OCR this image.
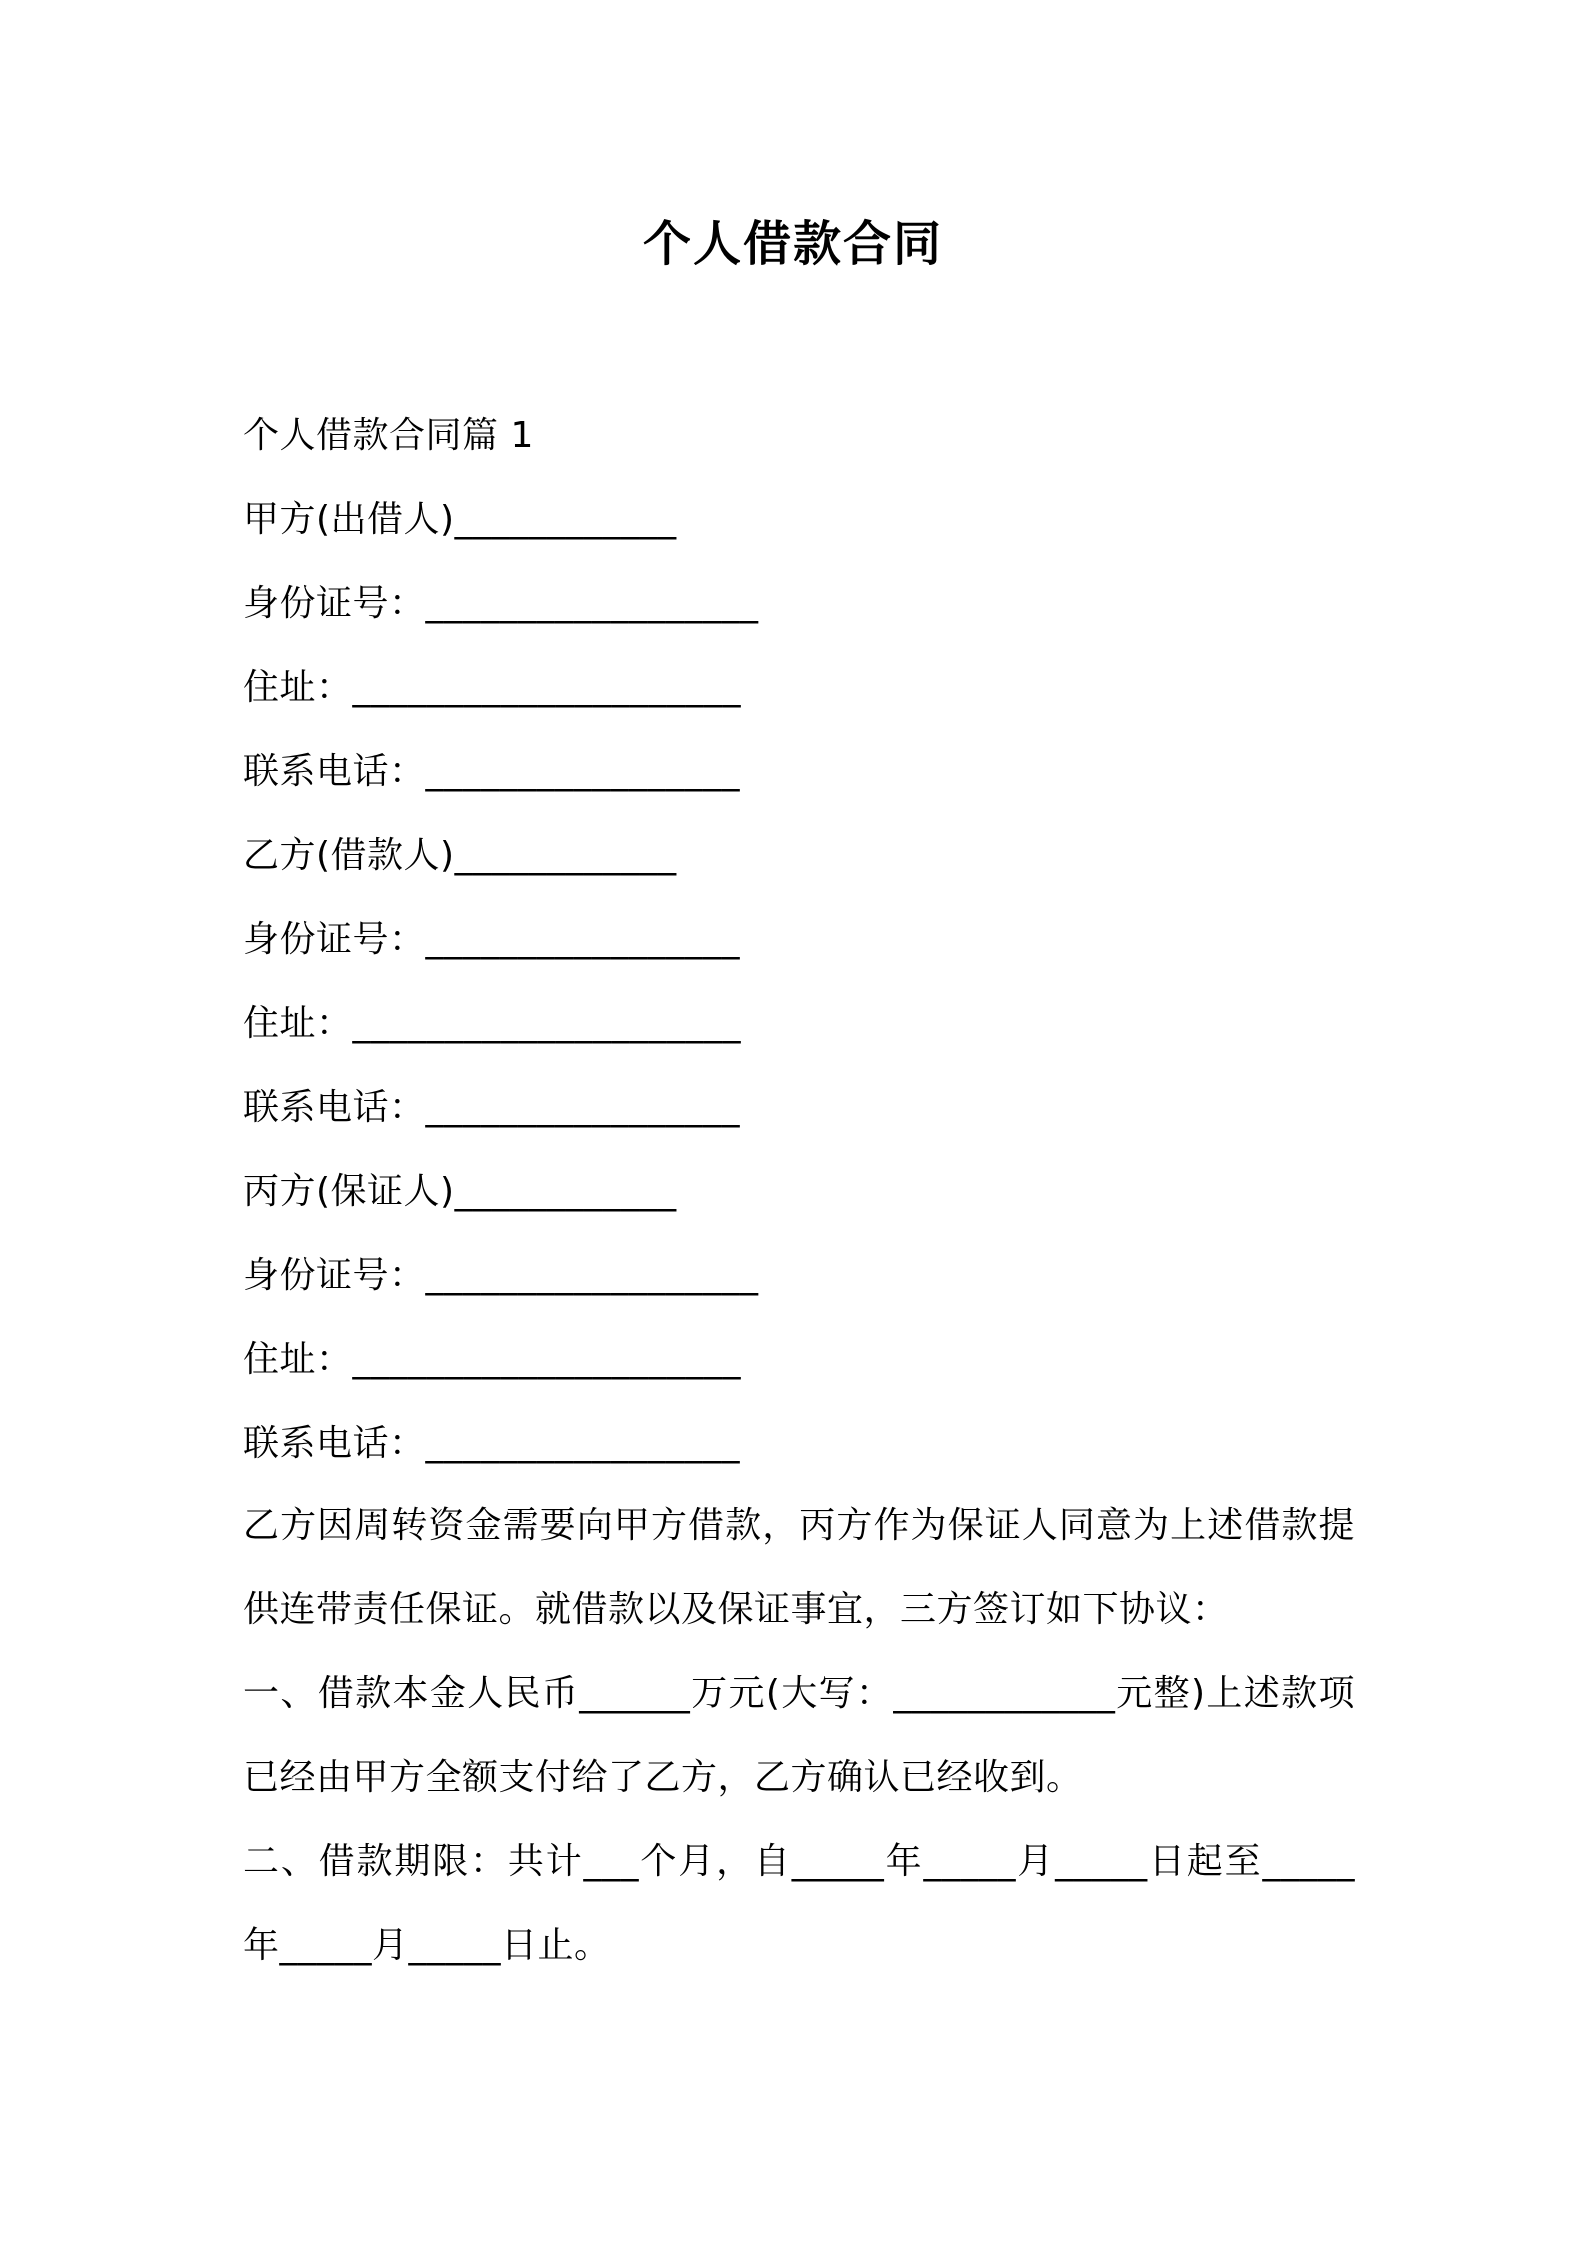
个人借款合同
个人借款合同篇 1
甲方(出借人)____________
身份证号：__________________
住址：_____________________
联系电话：_________________
乙方(借款人)____________
身份证号：_________________
住址：_____________________
联系电话：_________________
丙方(保证人)____________
身份证号：__________________
住址：_____________________
联系电话：_________________
乙方因周转资金需要向甲方借款，丙方作为保证人同意为上述借款提供连带责任保证。就借款以及保证事宜，三方签订如下协议：
一、借款本金人民币______万元(大写：____________元整)上述款项已经由甲方全额支付给了乙方，乙方确认已经收到。
二、借款期限：共计___个月，自_____年_____月_____日起至_____年_____月_____日止。
